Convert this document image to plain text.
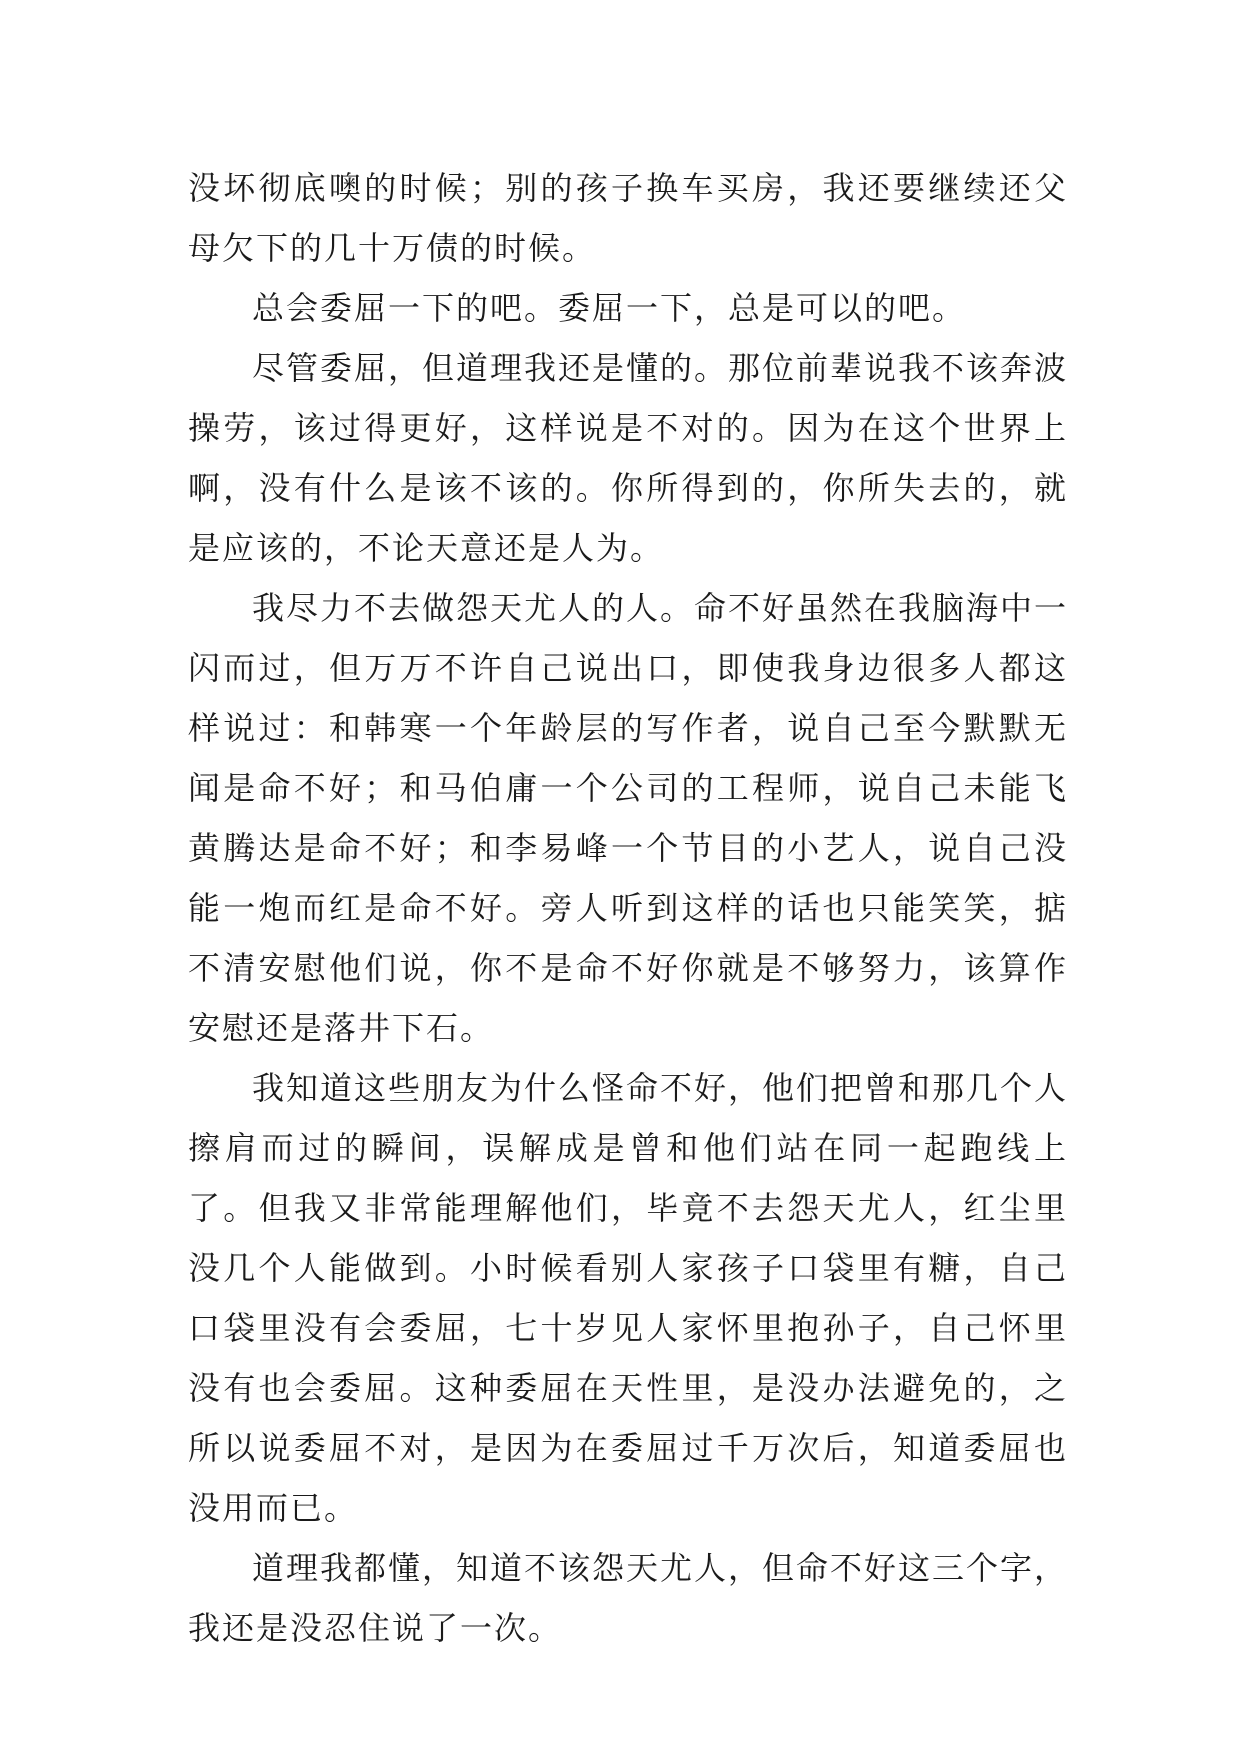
没坏彻底噢的时候；别的孩子换车买房，我还要继续还父母欠下的几十万债的时候。

总会委屈一下的吧。委屈一下，总是可以的吧。

尽管委屈，但道理我还是懂的。那位前辈说我不该奔波操劳，该过得更好，这样说是不对的。因为在这个世界上啊，没有什么是该不该的。你所得到的，你所失去的，就是应该的，不论天意还是人为。

我尽力不去做怨天尤人的人。命不好虽然在我脑海中一闪而过，但万万不许自己说出口，即使我身边很多人都这样说过：和韩寒一个年龄层的写作者，说自己至今默默无闻是命不好；和马伯庸一个公司的工程师，说自己未能飞黄腾达是命不好；和李易峰一个节目的小艺人，说自己没能一炮而红是命不好。旁人听到这样的话也只能笑笑，掂不清安慰他们说，你不是命不好你就是不够努力，该算作安慰还是落井下石。

我知道这些朋友为什么怪命不好，他们把曾和那几个人擦肩而过的瞬间，误解成是曾和他们站在同一起跑线上了。但我又非常能理解他们，毕竟不去怨天尤人，红尘里没几个人能做到。小时候看别人家孩子口袋里有糖，自己口袋里没有会委屈，七十岁见人家怀里抱孙子，自己怀里没有也会委屈。这种委屈在天性里，是没办法避免的，之所以说委屈不对，是因为在委屈过千万次后，知道委屈也没用而已。

道理我都懂，知道不该怨天尤人，但命不好这三个字，我还是没忍住说了一次。
